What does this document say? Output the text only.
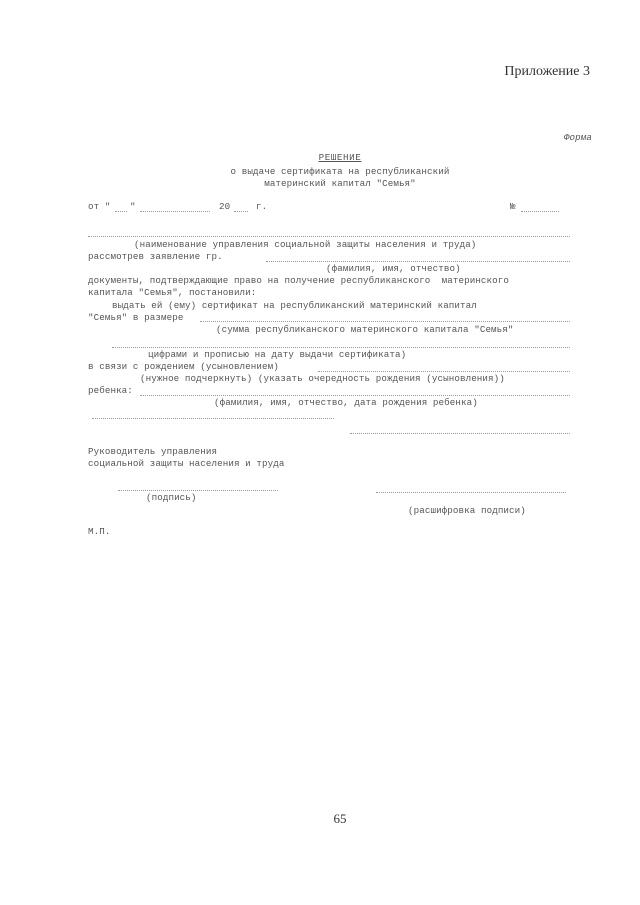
Приложение 3
Форма
РЕШЕНИЕ
о выдаче сертификата на республиканский
материнский капитал "Семья"
от " "	20	г.	№
(наименование управления социальной защиты населения и труда)
рассмотрев заявление гр.
(фамилия, имя, отчество)
документы, подтверждающие право на получение республиканского  материнского
капитала "Семья", постановили:
выдать ей (ему) сертификат на республиканский материнский капитал
"Семья" в размере
(сумма республиканского материнского капитала "Семья"
цифрами и прописью на дату выдачи сертификата)
в связи с рождением (усыновлением)
(нужное подчеркнуть) (указать очередность рождения (усыновления))
ребенка:
(фамилия, имя, отчество, дата рождения ребенка)
Руководитель управления
социальной защиты населения и труда
(подпись)
(расшифровка подписи)
М.П.
65
